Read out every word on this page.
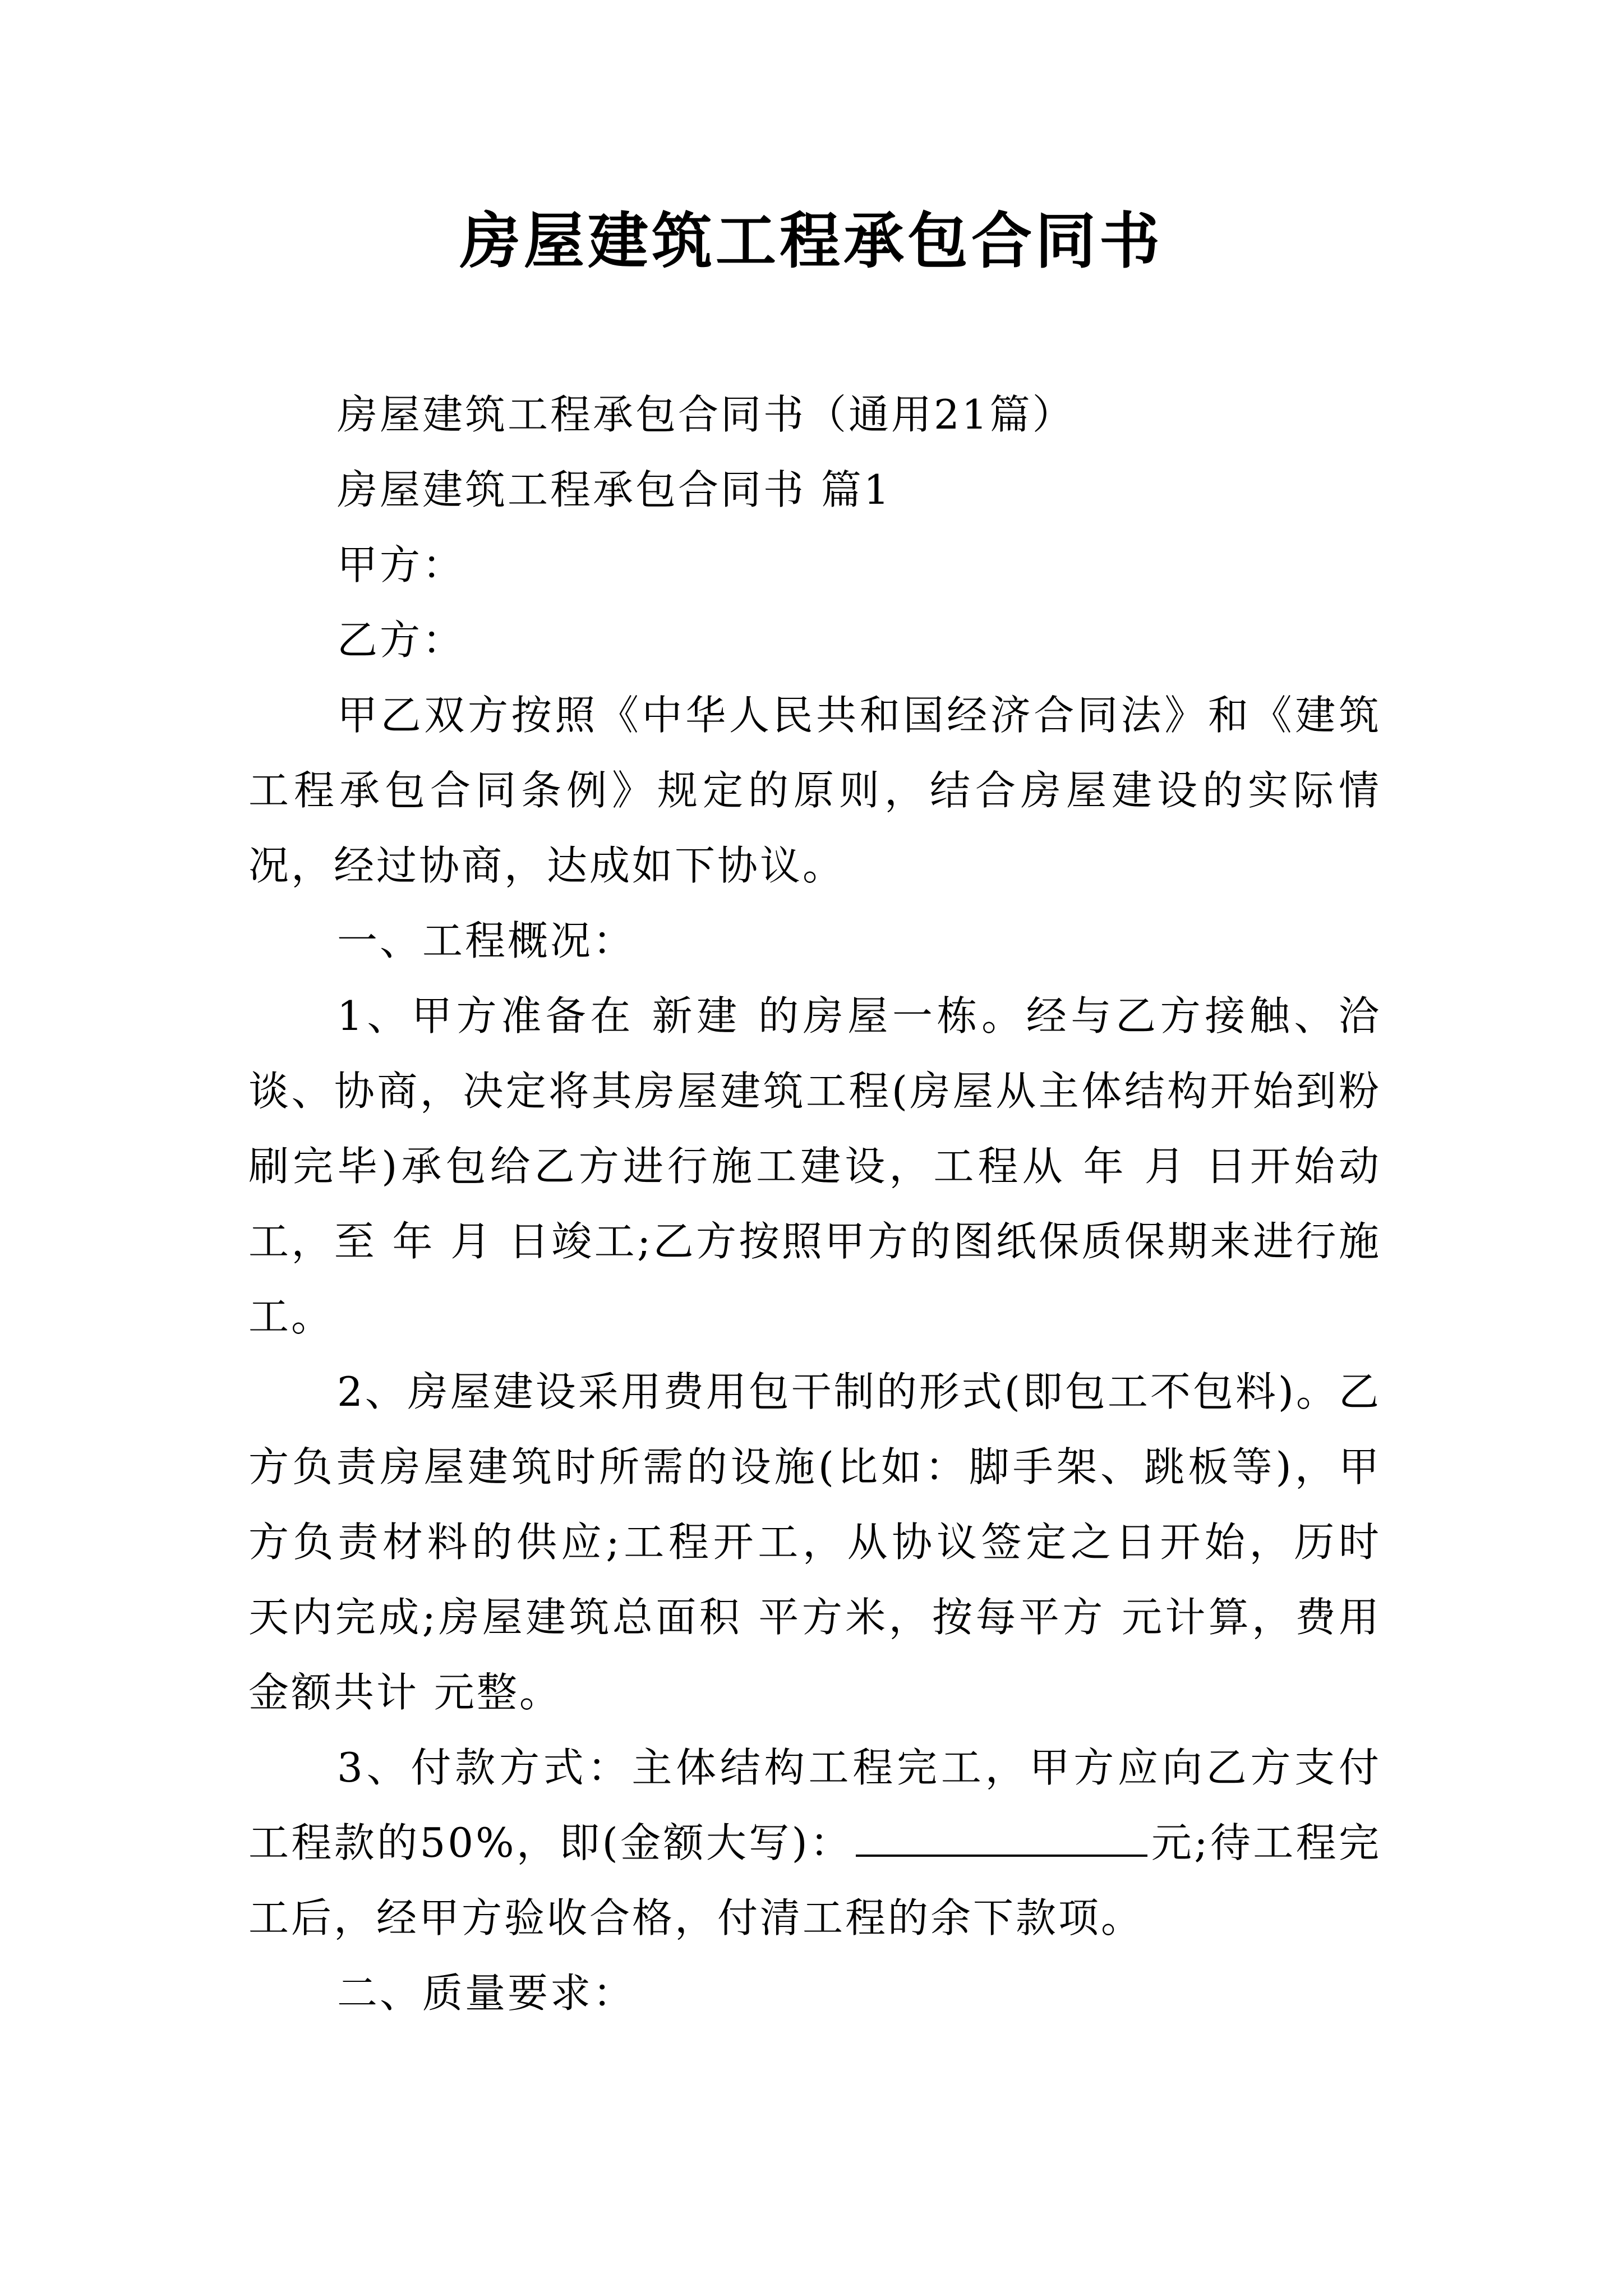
房屋建筑工程承包合同书

房屋建筑工程承包合同书（通用21篇）

房屋建筑工程承包合同书 篇1

甲方：

乙方：

甲乙双方按照《中华人民共和国经济合同法》和《建筑工程承包合同条例》规定的原则，结合房屋建设的实际情况，经过协商，达成如下协议。

一、工程概况：

1、甲方准备在 新建 的房屋一栋。经与乙方接触、洽谈、协商，决定将其房屋建筑工程(房屋从主体结构开始到粉刷完毕)承包给乙方进行施工建设，工程从 年 月 日开始动工，至 年 月 日竣工;乙方按照甲方的图纸保质保期来进行施工。

2、房屋建设采用费用包干制的形式(即包工不包料)。乙方负责房屋建筑时所需的设施(比如：脚手架、跳板等)，甲方负责材料的供应;工程开工，从协议签定之日开始，历时 天内完成;房屋建筑总面积 平方米，按每平方 元计算，费用金额共计 元整。

3、付款方式：主体结构工程完工，甲方应向乙方支付工程款的50%，即(金额大写)：	元;待工程完工后，经甲方验收合格，付清工程的余下款项。

二、质量要求：
